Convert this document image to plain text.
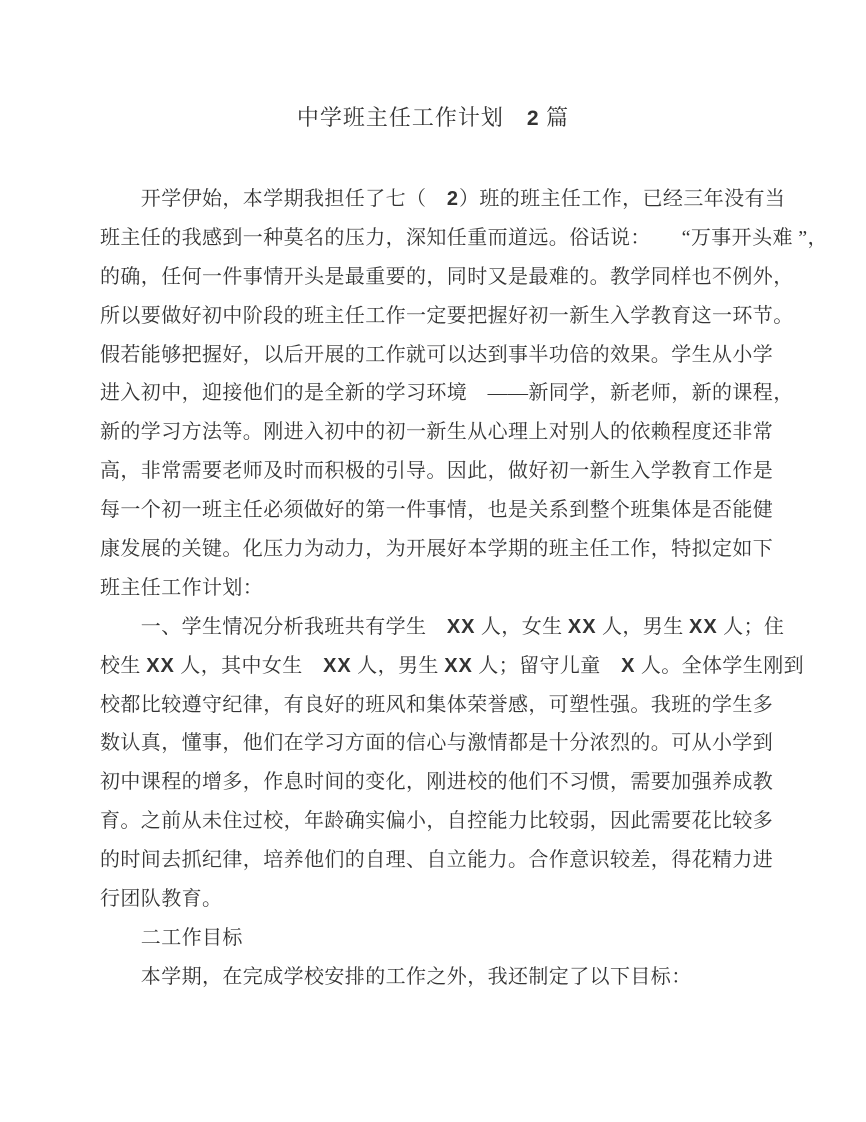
中学班主任工作计划　2 篇
　　开学伊始，本学期我担任了七（　2）班的班主任工作，已经三年没有当
班主任的我感到一种莫名的压力，深知任重而道远。俗话说：　　“万事开头难 ”，
的确，任何一件事情开头是最重要的，同时又是最难的。教学同样也不例外，
所以要做好初中阶段的班主任工作一定要把握好初一新生入学教育这一环节。
假若能够把握好，以后开展的工作就可以达到事半功倍的效果。学生从小学
进入初中，迎接他们的是全新的学习环境　——新同学，新老师，新的课程，
新的学习方法等。刚进入初中的初一新生从心理上对别人的依赖程度还非常
高，非常需要老师及时而积极的引导。因此，做好初一新生入学教育工作是
每一个初一班主任必须做好的第一件事情，也是关系到整个班集体是否能健
康发展的关键。化压力为动力，为开展好本学期的班主任工作，特拟定如下
班主任工作计划：
　　一、学生情况分析我班共有学生　XX 人，女生 XX 人，男生 XX 人；住
校生 XX 人，其中女生　XX 人，男生 XX 人；留守儿童　X 人。全体学生刚到
校都比较遵守纪律，有良好的班风和集体荣誉感，可塑性强。我班的学生多
数认真，懂事，他们在学习方面的信心与激情都是十分浓烈的。可从小学到
初中课程的增多，作息时间的变化，刚进校的他们不习惯，需要加强养成教
育。之前从未住过校，年龄确实偏小，自控能力比较弱，因此需要花比较多
的时间去抓纪律，培养他们的自理、自立能力。合作意识较差，得花精力进
行团队教育。
　　二工作目标
　　本学期，在完成学校安排的工作之外，我还制定了以下目标：
